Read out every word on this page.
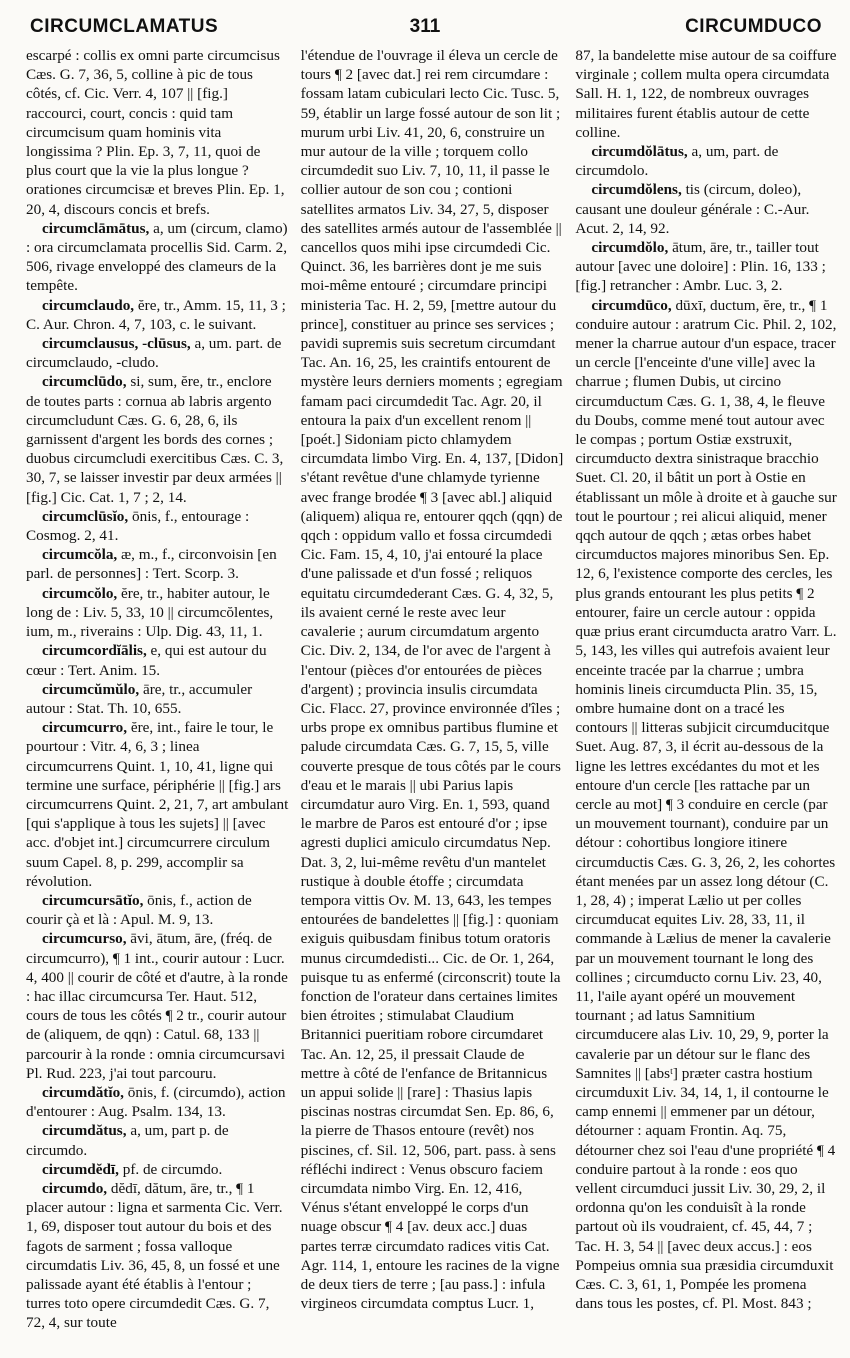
CIRCUMCLAMATUS	311	CIRCUMDUCO

escarpé : collis ex omni parte circumcisus Cæs. G. 7, 36, 5, colline à pic de tous côtés, cf. Cic. Verr. 4, 107 || [fig.] raccourci, court, concis : quid tam circumcisum quam hominis vita longissima ? Plin. Ep. 3, 7, 11, quoi de plus court que la vie la plus longue ? orationes circumcisæ et breves Plin. Ep. 1, 20, 4, discours concis et brefs.

circumclāmātus, a, um (circum, clamo) : ora circumclamata procellis Sid. Carm. 2, 506, rivage enveloppé des clameurs de la tempête.

circumclaudo, ĕre, tr., Amm. 15, 11, 3 ; C. Aur. Chron. 4, 7, 103, c. le suivant.

circumclausus, -clūsus, a, um. part. de circumclaudo, -cludo.

circumclūdo, si, sum, ĕre, tr., enclore de toutes parts : cornua ab labris argento circumcludunt Cæs. G. 6, 28, 6, ils garnissent d'argent les bords des cornes ; duobus circumcludi exercitibus Cæs. C. 3, 30, 7, se laisser investir par deux armées || [fig.] Cic. Cat. 1, 7 ; 2, 14.

circumclūsĭo, ōnis, f., entourage : Cosmog. 2, 41.

circumcŏla, æ, m., f., circonvoisin [en parl. de personnes] : Tert. Scorp. 3.

circumcŏlo, ĕre, tr., habiter autour, le long de : Liv. 5, 33, 10 || circumcŏlentes, ium, m., riverains : Ulp. Dig. 43, 11, 1.

circumcordĭālis, e, qui est autour du cœur : Tert. Anim. 15.

circumcŭmŭlo, āre, tr., accumuler autour : Stat. Th. 10, 655.

circumcurro, ĕre, int., faire le tour, le pourtour : Vitr. 4, 6, 3 ; linea circumcurrens Quint. 1, 10, 41, ligne qui termine une surface, périphérie || [fig.] ars circumcurrens Quint. 2, 21, 7, art ambulant [qui s'applique à tous les sujets] || [avec acc. d'objet int.] circumcurrere circulum suum Capel. 8, p. 299, accomplir sa révolution.

circumcursātĭo, ōnis, f., action de courir çà et là : Apul. M. 9, 13.

circumcurso, āvi, ātum, āre, (fréq. de circumcurro), ¶ 1 int., courir autour : Lucr. 4, 400 || courir de côté et d'autre, à la ronde : hac illac circumcursa Ter. Haut. 512, cours de tous les côtés ¶ 2 tr., courir autour de (aliquem, de qqn) : Catul. 68, 133 || parcourir à la ronde : omnia circumcursavi Pl. Rud. 223, j'ai tout parcouru.

circumdătĭo, ōnis, f. (circumdo), action d'entourer : Aug. Psalm. 134, 13.

circumdătus, a, um, part p. de circumdo.

circumdĕdī, pf. de circumdo.

circumdo, dĕdī, dătum, āre, tr., ¶ 1 placer autour : ligna et sarmenta Cic. Verr. 1, 69, disposer tout autour du bois et des fagots de sarment ; fossa valloque circumdatis Liv. 36, 45, 8, un fossé et une palissade ayant été établis à l'entour ; turres toto opere circumdedit Cæs. G. 7, 72, 4, sur toute

l'étendue de l'ouvrage il éleva un cercle de tours ¶ 2 [avec dat.] rei rem circumdare : fossam latam cubiculari lecto Cic. Tusc. 5, 59, établir un large fossé autour de son lit ; murum urbi Liv. 41, 20, 6, construire un mur autour de la ville ; torquem collo circumdedit suo Liv. 7, 10, 11, il passe le collier autour de son cou ; contioni satellites armatos Liv. 34, 27, 5, disposer des satellites armés autour de l'assemblée || cancellos quos mihi ipse circumdedi Cic. Quinct. 36, les barrières dont je me suis moi-même entouré ; circumdare principi ministeria Tac. H. 2, 59, [mettre autour du prince], constituer au prince ses services ; pavidi supremis suis secretum circumdant Tac. An. 16, 25, les craintifs entourent de mystère leurs derniers moments ; egregiam famam paci circumdedit Tac. Agr. 20, il entoura la paix d'un excellent renom || [poét.] Sidoniam picto chlamydem circumdata limbo Virg. En. 4, 137, [Didon] s'étant revêtue d'une chlamyde tyrienne avec frange brodée ¶ 3 [avec abl.] aliquid (aliquem) aliqua re, entourer qqch (qqn) de qqch : oppidum vallo et fossa circumdedi Cic. Fam. 15, 4, 10, j'ai entouré la place d'une palissade et d'un fossé ; reliquos equitatu circumdederant Cæs. G. 4, 32, 5, ils avaient cerné le reste avec leur cavalerie ; aurum circumdatum argento Cic. Div. 2, 134, de l'or avec de l'argent à l'entour (pièces d'or entourées de pièces d'argent) ; provincia insulis circumdata Cic. Flacc. 27, province environnée d'îles ; urbs prope ex omnibus partibus flumine et palude circumdata Cæs. G. 7, 15, 5, ville couverte presque de tous côtés par le cours d'eau et le marais || ubi Parius lapis circumdatur auro Virg. En. 1, 593, quand le marbre de Paros est entouré d'or ; ipse agresti duplici amiculo circumdatus Nep. Dat. 3, 2, lui-même revêtu d'un mantelet rustique à double étoffe ; circumdata tempora vittis Ov. M. 13, 643, les tempes entourées de bandelettes || [fig.] : quoniam exiguis quibusdam finibus totum oratoris munus circumdedisti... Cic. de Or. 1, 264, puisque tu as enfermé (circonscrit) toute la fonction de l'orateur dans certaines limites bien étroites ; stimulabat Claudium Britannici pueritiam robore circumdaret Tac. An. 12, 25, il pressait Claude de mettre à côté de l'enfance de Britannicus un appui solide || [rare] : Thasius lapis piscinas nostras circumdat Sen. Ep. 86, 6, la pierre de Thasos entoure (revêt) nos piscines, cf. Sil. 12, 506, part. pass. à sens réfléchi indirect : Venus obscuro faciem circumdata nimbo Virg. En. 12, 416, Vénus s'étant enveloppé le corps d'un nuage obscur ¶ 4 [av. deux acc.] duas partes terræ circumdato radices vitis Cat. Agr. 114, 1, entoure les racines de la vigne de deux tiers de terre ; [au pass.] : infula virgineos circumdata comptus Lucr. 1,

87, la bandelette mise autour de sa coiffure virginale ; collem multa opera circumdata Sall. H. 1, 122, de nombreux ouvrages militaires furent établis autour de cette colline.

circumdŏlātus, a, um, part. de circumdolo.

circumdŏlens, tis (circum, doleo), causant une douleur générale : C.-Aur. Acut. 2, 14, 92.

circumdŏlo, ātum, āre, tr., tailler tout autour [avec une doloire] : Plin. 16, 133 ; [fig.] retrancher : Ambr. Luc. 3, 2.

circumdūco, dūxī, ductum, ĕre, tr., ¶ 1 conduire autour : aratrum Cic. Phil. 2, 102, mener la charrue autour d'un espace, tracer un cercle [l'enceinte d'une ville] avec la charrue ; flumen Dubis, ut circino circumductum Cæs. G. 1, 38, 4, le fleuve du Doubs, comme mené tout autour avec le compas ; portum Ostiæ exstruxit, circumducto dextra sinistraque bracchio Suet. Cl. 20, il bâtit un port à Ostie en établissant un môle à droite et à gauche sur tout le pourtour ; rei alicui aliquid, mener qqch autour de qqch ; ætas orbes habet circumductos majores minoribus Sen. Ep. 12, 6, l'existence comporte des cercles, les plus grands entourant les plus petits ¶ 2 entourer, faire un cercle autour : oppida quæ prius erant circumducta aratro Varr. L. 5, 143, les villes qui autrefois avaient leur enceinte tracée par la charrue ; umbra hominis lineis circumducta Plin. 35, 15, ombre humaine dont on a tracé les contours || litteras subjicit circumducitque Suet. Aug. 87, 3, il écrit au-dessous de la ligne les lettres excédantes du mot et les entoure d'un cercle [les rattache par un cercle au mot] ¶ 3 conduire en cercle (par un mouvement tournant), conduire par un détour : cohortibus longiore itinere circumductis Cæs. G. 3, 26, 2, les cohortes étant menées par un assez long détour (C. 1, 28, 4) ; imperat Lælio ut per colles circumducat equites Liv. 28, 33, 11, il commande à Lælius de mener la cavalerie par un mouvement tournant le long des collines ; circumducto cornu Liv. 23, 40, 11, l'aile ayant opéré un mouvement tournant ; ad latus Samnitium circumducere alas Liv. 10, 29, 9, porter la cavalerie par un détour sur le flanc des Samnites || [absᵗ] præter castra hostium circumduxit Liv. 34, 14, 1, il contourne le camp ennemi || emmener par un détour, détourner : aquam Frontin. Aq. 75, détourner chez soi l'eau d'une propriété ¶ 4 conduire partout à la ronde : eos quo vellent circumduci jussit Liv. 30, 29, 2, il ordonna qu'on les conduisît à la ronde partout où ils voudraient, cf. 45, 44, 7 ; Tac. H. 3, 54 || [avec deux accus.] : eos Pompeius omnia sua præsidia circumduxit Cæs. C. 3, 61, 1, Pompée les promena dans tous les postes, cf. Pl. Most. 843 ;
